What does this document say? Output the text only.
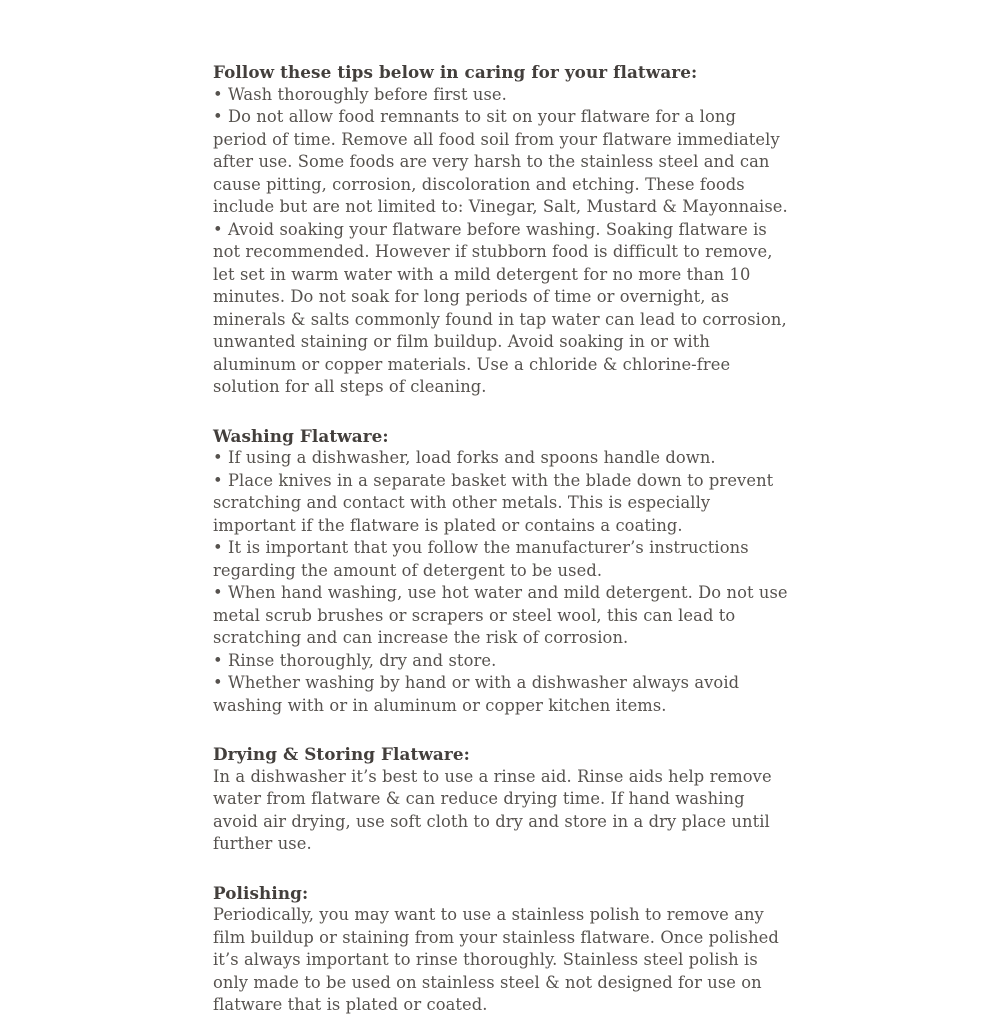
Follow these tips below in caring for your flatware:

• Wash thoroughly before first use.

• Do not allow food remnants to sit on your flatware for a long period of time. Remove all food soil from your flatware immediately after use. Some foods are very harsh to the stainless steel and can cause pitting, corrosion, discoloration and etching. These foods include but are not limited to: Vinegar, Salt, Mustard & Mayonnaise.

• Avoid soaking your flatware before washing. Soaking flatware is not recommended. However if stubborn food is difficult to remove, let set in warm water with a mild detergent for no more than 10 minutes. Do not soak for long periods of time or overnight, as minerals & salts commonly found in tap water can lead to corrosion, unwanted staining or film buildup. Avoid soaking in or with aluminum or copper materials. Use a chloride & chlorine-free solution for all steps of cleaning.

Washing Flatware:

• If using a dishwasher, load forks and spoons handle down.

• Place knives in a separate basket with the blade down to prevent scratching and contact with other metals. This is especially important if the flatware is plated or contains a coating.

• It is important that you follow the manufacturer’s instructions regarding the amount of detergent to be used.

• When hand washing, use hot water and mild detergent. Do not use metal scrub brushes or scrapers or steel wool, this can lead to scratching and can increase the risk of corrosion.

• Rinse thoroughly, dry and store.

• Whether washing by hand or with a dishwasher always avoid washing with or in aluminum or copper kitchen items.

Drying & Storing Flatware:

In a dishwasher it’s best to use a rinse aid. Rinse aids help remove water from flatware & can reduce drying time. If hand washing avoid air drying, use soft cloth to dry and store in a dry place until further use.

Polishing:

Periodically, you may want to use a stainless polish to remove any film buildup or staining from your stainless flatware. Once polished it’s always important to rinse thoroughly. Stainless steel polish is only made to be used on stainless steel & not designed for use on flatware that is plated or coated.
